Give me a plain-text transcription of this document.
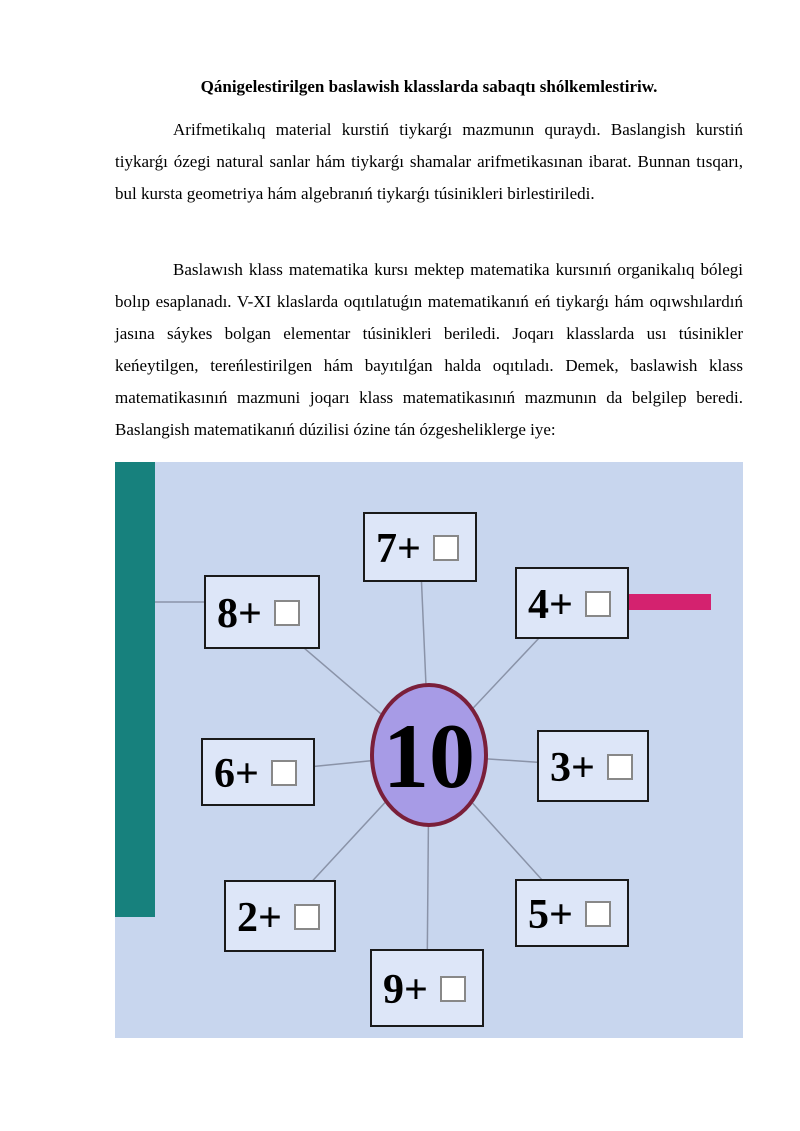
Qánigelestirilgen baslawish klasslarda sabaqtı shólkemlestiriw.

Arifmetikalıq material kurstiń tiykarǵı mazmunın quraydı. Baslangish kurstiń tiykarǵı ózegi natural sanlar hám tiykarǵı shamalar arifmetikasınan ibarat. Bunnan tısqarı, bul kursta geometriya hám algebranıń tiykarǵı túsinikleri birlestiriledi.

Baslawısh klass matematika kursı mektep matematika kursınıń organikalıq bólegi bolıp esaplanadı. V-XI klaslarda oqıtılatuǵın matematikanıń eń tiykarǵı hám oqıwshılardıń jasına sáykes bolgan elementar túsinikleri beriledi. Joqarı klasslarda usı túsinikler keńeytilgen, tereńlestirilgen hám bayıtılǵan halda oqıtıladı. Demek, baslawish klass matematikasınıń mazmuni joqarı klass matematikasınıń mazmunın da belgilep beredi. Baslangish matematikanıń dúzilisi ózine tán ózgesheliklerge iye:

7+
4+
3+
5+
9+
2+
6+
8+
10
